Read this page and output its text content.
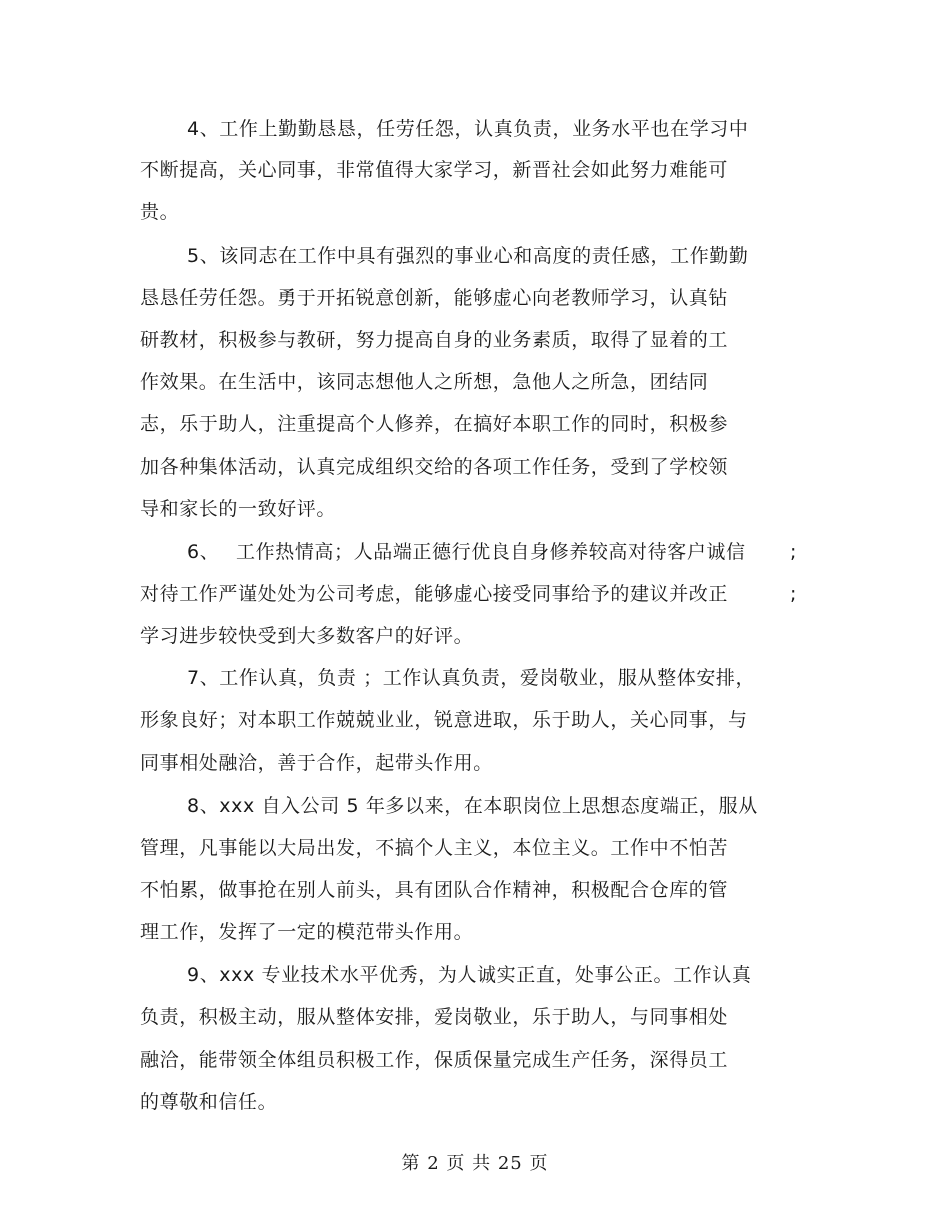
4、工作上勤勤恳恳，任劳任怨，认真负责，业务水平也在学习中
不断提高，关心同事，非常值得大家学习，新晋社会如此努力难能可
贵。
5、该同志在工作中具有强烈的事业心和高度的责任感，工作勤勤
恳恳任劳任怨。勇于开拓锐意创新，能够虚心向老教师学习，认真钻
研教材，积极参与教研，努力提高自身的业务素质，取得了显着的工
作效果。在生活中，该同志想他人之所想，急他人之所急，团结同
志，乐于助人，注重提高个人修养，在搞好本职工作的同时，积极参
加各种集体活动，认真完成组织交给的各项工作任务，受到了学校领
导和家长的一致好评。
6、　 工作热情高；人品端正德行优良自身修养较高对待客户诚信 ;
对待工作严谨处处为公司考虑，能够虚心接受同事给予的建议并改正	;
学习进步较快受到大多数客户的好评。
7、工作认真，负责 ；工作认真负责，爱岗敬业，服从整体安排，
形象良好；对本职工作兢兢业业，锐意进取，乐于助人，关心同事，与
同事相处融洽，善于合作，起带头作用。
8、xxx 自入公司 5 年多以来，在本职岗位上思想态度端正，服从
管理，凡事能以大局出发，不搞个人主义，本位主义。工作中不怕苦
不怕累，做事抢在别人前头，具有团队合作精神，积极配合仓库的管
理工作，发挥了一定的模范带头作用。
9、xxx 专业技术水平优秀，为人诚实正直，处事公正。工作认真
负责，积极主动，服从整体安排，爱岗敬业，乐于助人，与同事相处
融洽，能带领全体组员积极工作，保质保量完成生产任务，深得员工
的尊敬和信任。
第 2 页 共 25 页
